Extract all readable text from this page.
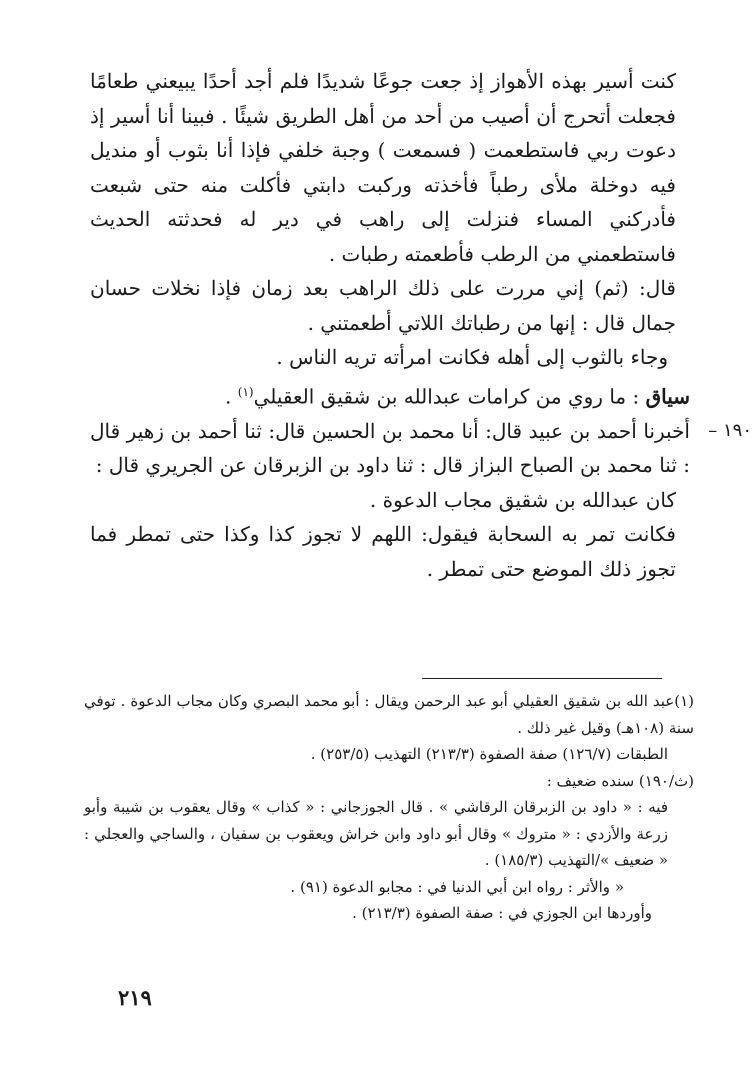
كنت أسير بهذه الأهواز إذ جعت جوعًا شديدًا فلم أجد أحدًا يبيعني طعامًا فجعلت أتحرج أن أصيب من أحد من أهل الطريق شيئًا . فبينا أنا أسير إذ دعوت ربي فاستطعمت ( فسمعت ) وجبة خلفي فإذا أنا بثوب أو منديل فيه دوخلة ملأى رطباً فأخذته وركبت دابتي فأكلت منه حتى شبعت فأدركني المساء فنزلت إلى راهب في دير له فحدثته الحديث فاستطعمني من الرطب فأطعمته رطبات .

قال: (ثم) إني مررت على ذلك الراهب بعد زمان فإذا نخلات حسان جمال قال : إنها من رطباتك اللاتي أطعمتني .

وجاء بالثوب إلى أهله فكانت امرأته تريه الناس .

سياق : ما روي من كرامات عبدالله بن شقيق العقيلي$^{(١)}$ .

١٩٠ –

أخبرنا أحمد بن عبيد قال: أنا محمد بن الحسين قال: ثنا أحمد بن زهير قال : ثنا محمد بن الصباح البزاز قال : ثنا داود بن الزبرقان عن الجريري قال :

كان عبدالله بن شقيق مجاب الدعوة .

فكانت تمر به السحابة فيقول: اللهم لا تجوز كذا وكذا حتى تمطر فما تجوز ذلك الموضع حتى تمطر .

(١)عبد الله بن شقيق العقيلي أبو عبد الرحمن ويقال : أبو محمد البصري وكان مجاب الدعوة . توفي سنة (١٠٨هـ) وقيل غير ذلك .

الطبقات (١٢٦/٧) صفة الصفوة (٢١٣/٣) التهذيب (٢٥٣/٥) .

(ث/١٩٠) سنده ضعيف :

فيه : « داود بن الزبرقان الرقاشي » . قال الجوزجاني : « كذاب » وقال يعقوب بن شيبة وأبو زرعة والأزدي : « متروك » وقال أبو داود وابن خراش ويعقوب بن سفيان ، والساجي والعجلي : « ضعيف »/التهذيب (١٨٥/٣) .

« والأثر : رواه ابن أبي الدنيا في : مجابو الدعوة (٩١) .

وأوردها ابن الجوزي في : صفة الصفوة (٢١٣/٣) .

٢١٩
